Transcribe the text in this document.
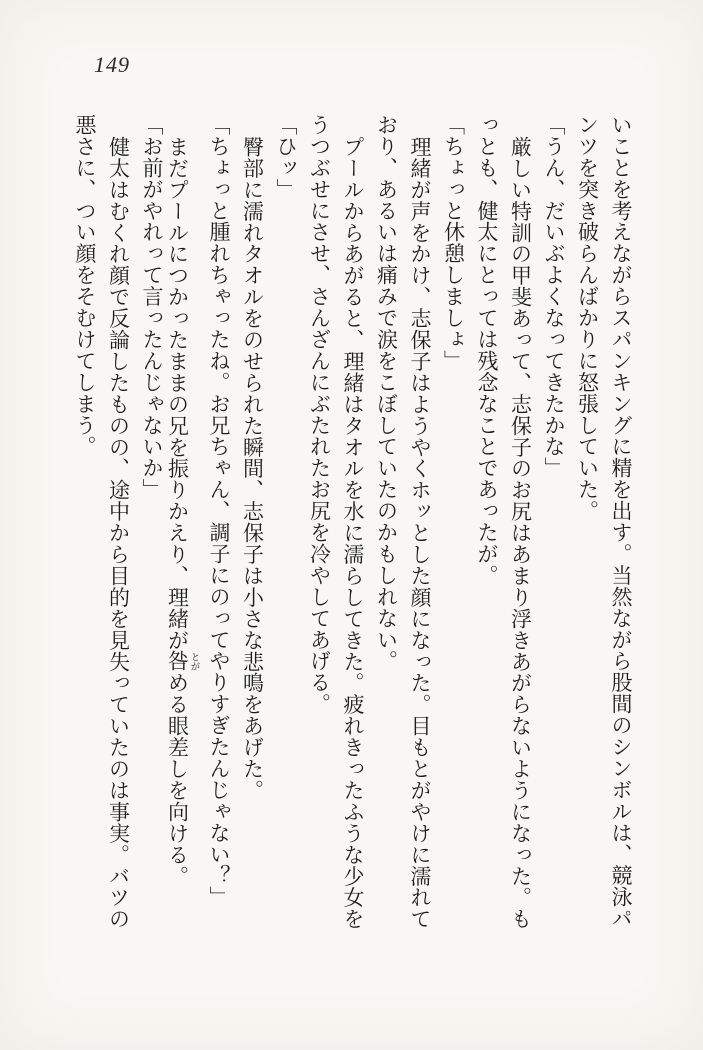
149
いことを考えながらスパンキングに精を出す。当然ながら股間のシンボルは、競泳パ
ンツを突き破らんばかりに怒張していた。
「うん、だいぶよくなってきたかな」
厳しい特訓の甲斐あって、志保子のお尻はあまり浮きあがらないようになった。も
っとも、健太にとっては残念なことであったが。
「ちょっと休憩しましょ」
理緒が声をかけ、志保子はようやくホッとした顔になった。目もとがやけに濡れて
おり、あるいは痛みで涙をこぼしていたのかもしれない。
プールからあがると、理緒はタオルを水に濡らしてきた。疲れきったふうな少女を
うつぶせにさせ、さんざんにぶたれたお尻を冷やしてあげる。
「ひッ」
臀部に濡れタオルをのせられた瞬間、志保子は小さな悲鳴をあげた。
「ちょっと腫れちゃったね。お兄ちゃん、調子にのってやりすぎたんじゃない？」
まだプールにつかったままの兄を振りかえり、理緒が咎 とがめる眼差しを向ける。
「お前がやれって言ったんじゃないか」
健太はむくれ顔で反論したものの、途中から目的を見失っていたのは事実。バツの
悪さに、つい顔をそむけてしまう。
